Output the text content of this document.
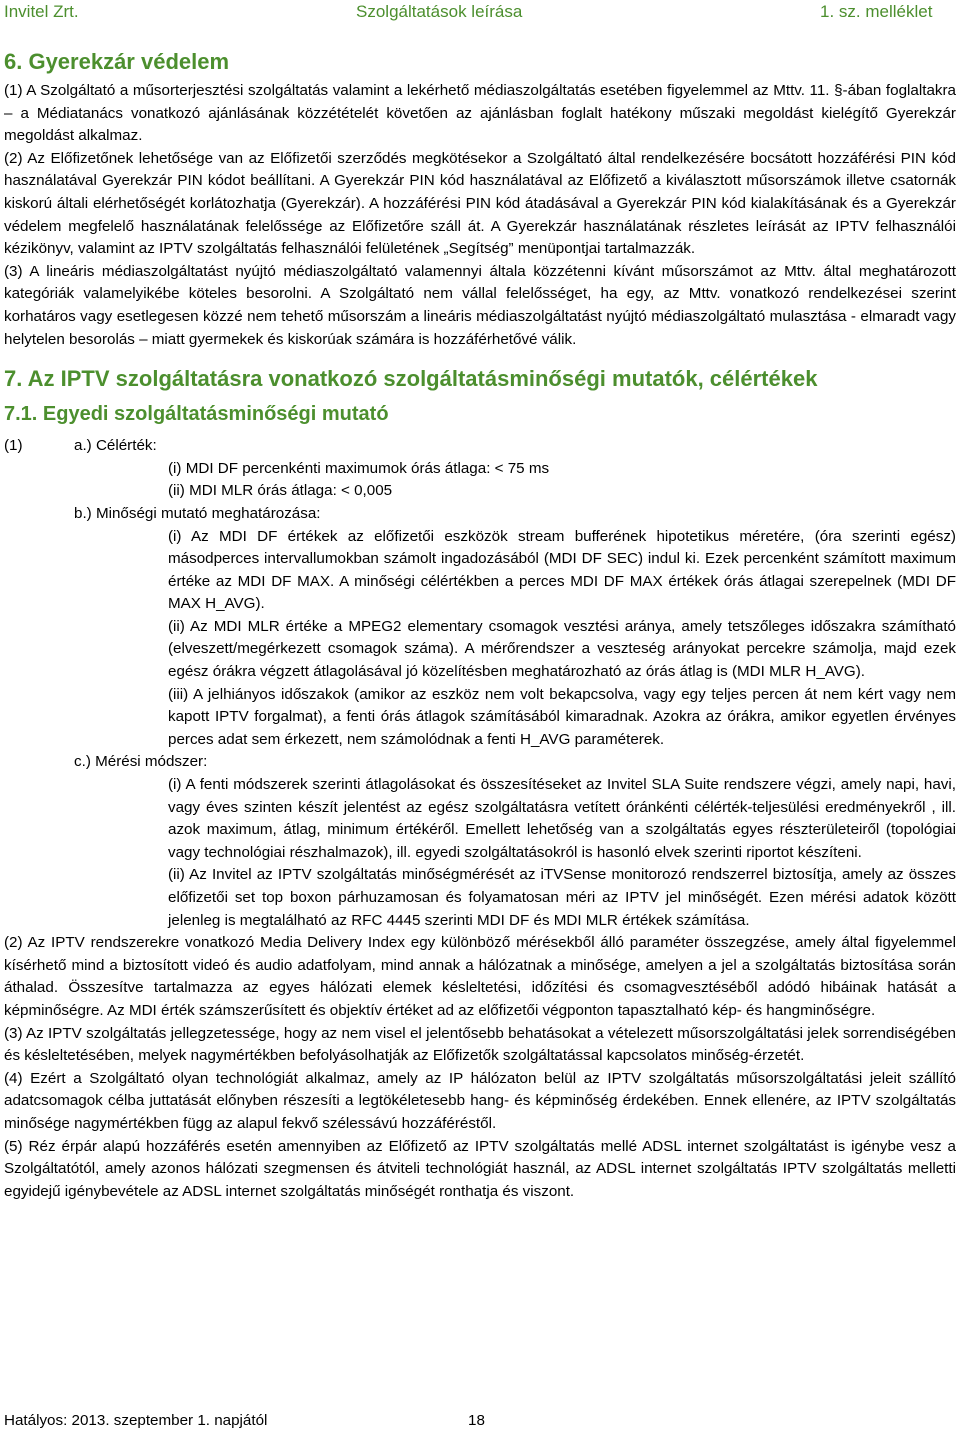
Invitel Zrt.	Szolgáltatások leírása	1. sz. melléklet
6. Gyerekzár védelem

(1) A Szolgáltató a műsorterjesztési szolgáltatás valamint a lekérhető médiaszolgáltatás esetében figyelemmel az Mttv. 11. §-ában foglaltakra – a Médiatanács vonatkozó ajánlásának közzétételét követően az ajánlásban foglalt hatékony műszaki megoldást kielégítő Gyerekzár megoldást alkalmaz.

(2) Az Előfizetőnek lehetősége van az Előfizetői szerződés megkötésekor a Szolgáltató által rendelkezésére bocsátott hozzáférési PIN kód használatával Gyerekzár PIN kódot beállítani. A Gyerekzár PIN kód használatával az Előfizető a kiválasztott műsorszámok illetve csatornák kiskorú általi elérhetőségét korlátozhatja (Gyerekzár). A hozzáférési PIN kód átadásával a Gyerekzár PIN kód kialakításának és a Gyerekzár védelem megfelelő használatának felelőssége az Előfizetőre száll át. A Gyerekzár használatának részletes leírását az IPTV felhasználói kézikönyv, valamint az IPTV szolgáltatás felhasználói felületének „Segítség” menüpontjai tartalmazzák.

(3) A lineáris médiaszolgáltatást nyújtó médiaszolgáltató valamennyi általa közzétenni kívánt műsorszámot az Mttv. által meghatározott kategóriák valamelyikébe köteles besorolni. A Szolgáltató nem vállal felelősséget, ha egy, az Mttv. vonatkozó rendelkezései szerint korhatáros vagy esetlegesen közzé nem tehető műsorszám a lineáris médiaszolgáltatást nyújtó médiaszolgáltató mulasztása - elmaradt vagy helytelen besorolás – miatt gyermekek és kiskorúak számára is hozzáférhetővé válik.

7. Az IPTV szolgáltatásra vonatkozó szolgáltatásminőségi mutatók, célértékek
7.1. Egyedi szolgáltatásminőségi mutató
(1)	a.) Célérték:
(i) MDI DF percenkénti maximumok órás átlaga: < 75 ms
(ii) MDI MLR órás átlaga: < 0,005
b.) Minőségi mutató meghatározása:
(i) Az MDI DF értékek az előfizetői eszközök stream bufferének hipotetikus méretére, (óra szerinti egész) másodperces intervallumokban számolt ingadozásából (MDI DF SEC) indul ki. Ezek percenként számított maximum értéke az MDI DF MAX. A minőségi célértékben a perces MDI DF MAX értékek órás átlagai szerepelnek (MDI DF MAX H_AVG).
(ii) Az MDI MLR értéke a MPEG2 elementary csomagok vesztési aránya, amely tetszőleges időszakra számítható (elveszett/megérkezett csomagok száma). A mérőrendszer a veszteség arányokat percekre számolja, majd ezek egész órákra végzett átlagolásával jó közelítésben meghatározható az órás átlag is (MDI MLR H_AVG).
(iii) A jelhiányos időszakok (amikor az eszköz nem volt bekapcsolva, vagy egy teljes percen át nem kért vagy nem kapott IPTV forgalmat), a fenti órás átlagok számításából kimaradnak. Azokra az órákra, amikor egyetlen érvényes perces adat sem érkezett, nem számolódnak a fenti H_AVG paraméterek.
c.) Mérési módszer:
(i) A fenti módszerek szerinti átlagolásokat és összesítéseket az Invitel SLA Suite rendszere végzi, amely napi, havi, vagy éves szinten készít jelentést az egész szolgáltatásra vetített óránkénti célérték-teljesülési eredményekről , ill. azok maximum, átlag, minimum értékéről. Emellett lehetőség van a szolgáltatás egyes részterületeiről (topológiai vagy technológiai részhalmazok), ill. egyedi szolgáltatásokról is hasonló elvek szerinti riportot készíteni.
(ii) Az Invitel az IPTV szolgáltatás minőségmérését az iTVSense monitorozó rendszerrel biztosítja, amely az összes előfizetői set top boxon párhuzamosan és folyamatosan méri az IPTV jel minőségét. Ezen mérési adatok között jelenleg is megtalálható az RFC 4445 szerinti MDI DF és MDI MLR értékek számítása.

(2) Az IPTV rendszerekre vonatkozó Media Delivery Index egy különböző mérésekből álló paraméter összegzése, amely által figyelemmel kísérhető mind a biztosított videó és audio adatfolyam, mind annak a hálózatnak a minősége, amelyen a jel a szolgáltatás biztosítása során áthalad. Összesítve tartalmazza az egyes hálózati elemek késleltetési, időzítési és csomagvesztéséből adódó hibáinak hatását a képminőségre. Az MDI érték számszerűsített és objektív értéket ad az előfizetői végponton tapasztalható kép- és hangminőségre.

(3) Az IPTV szolgáltatás jellegzetessége, hogy az nem visel el jelentősebb behatásokat a vételezett műsorszolgáltatási jelek sorrendiségében és késleltetésében, melyek nagymértékben befolyásolhatják az Előfizetők szolgáltatással kapcsolatos minőség-érzetét.

(4) Ezért a Szolgáltató olyan technológiát alkalmaz, amely az IP hálózaton belül az IPTV szolgáltatás műsorszolgáltatási jeleit szállító adatcsomagok célba juttatását előnyben részesíti a legtökéletesebb hang- és képminőség érdekében. Ennek ellenére, az IPTV szolgáltatás minősége nagymértékben függ az alapul fekvő szélessávú hozzáféréstől.

(5) Réz érpár alapú hozzáférés esetén amennyiben az Előfizető az IPTV szolgáltatás mellé ADSL internet szolgáltatást is igénybe vesz a Szolgáltatótól, amely azonos hálózati szegmensen és átviteli technológiát használ, az ADSL internet szolgáltatás IPTV szolgáltatás melletti egyidejű igénybevétele az ADSL internet szolgáltatás minőségét ronthatja és viszont.

Hatályos: 2013. szeptember 1. napjától	18
